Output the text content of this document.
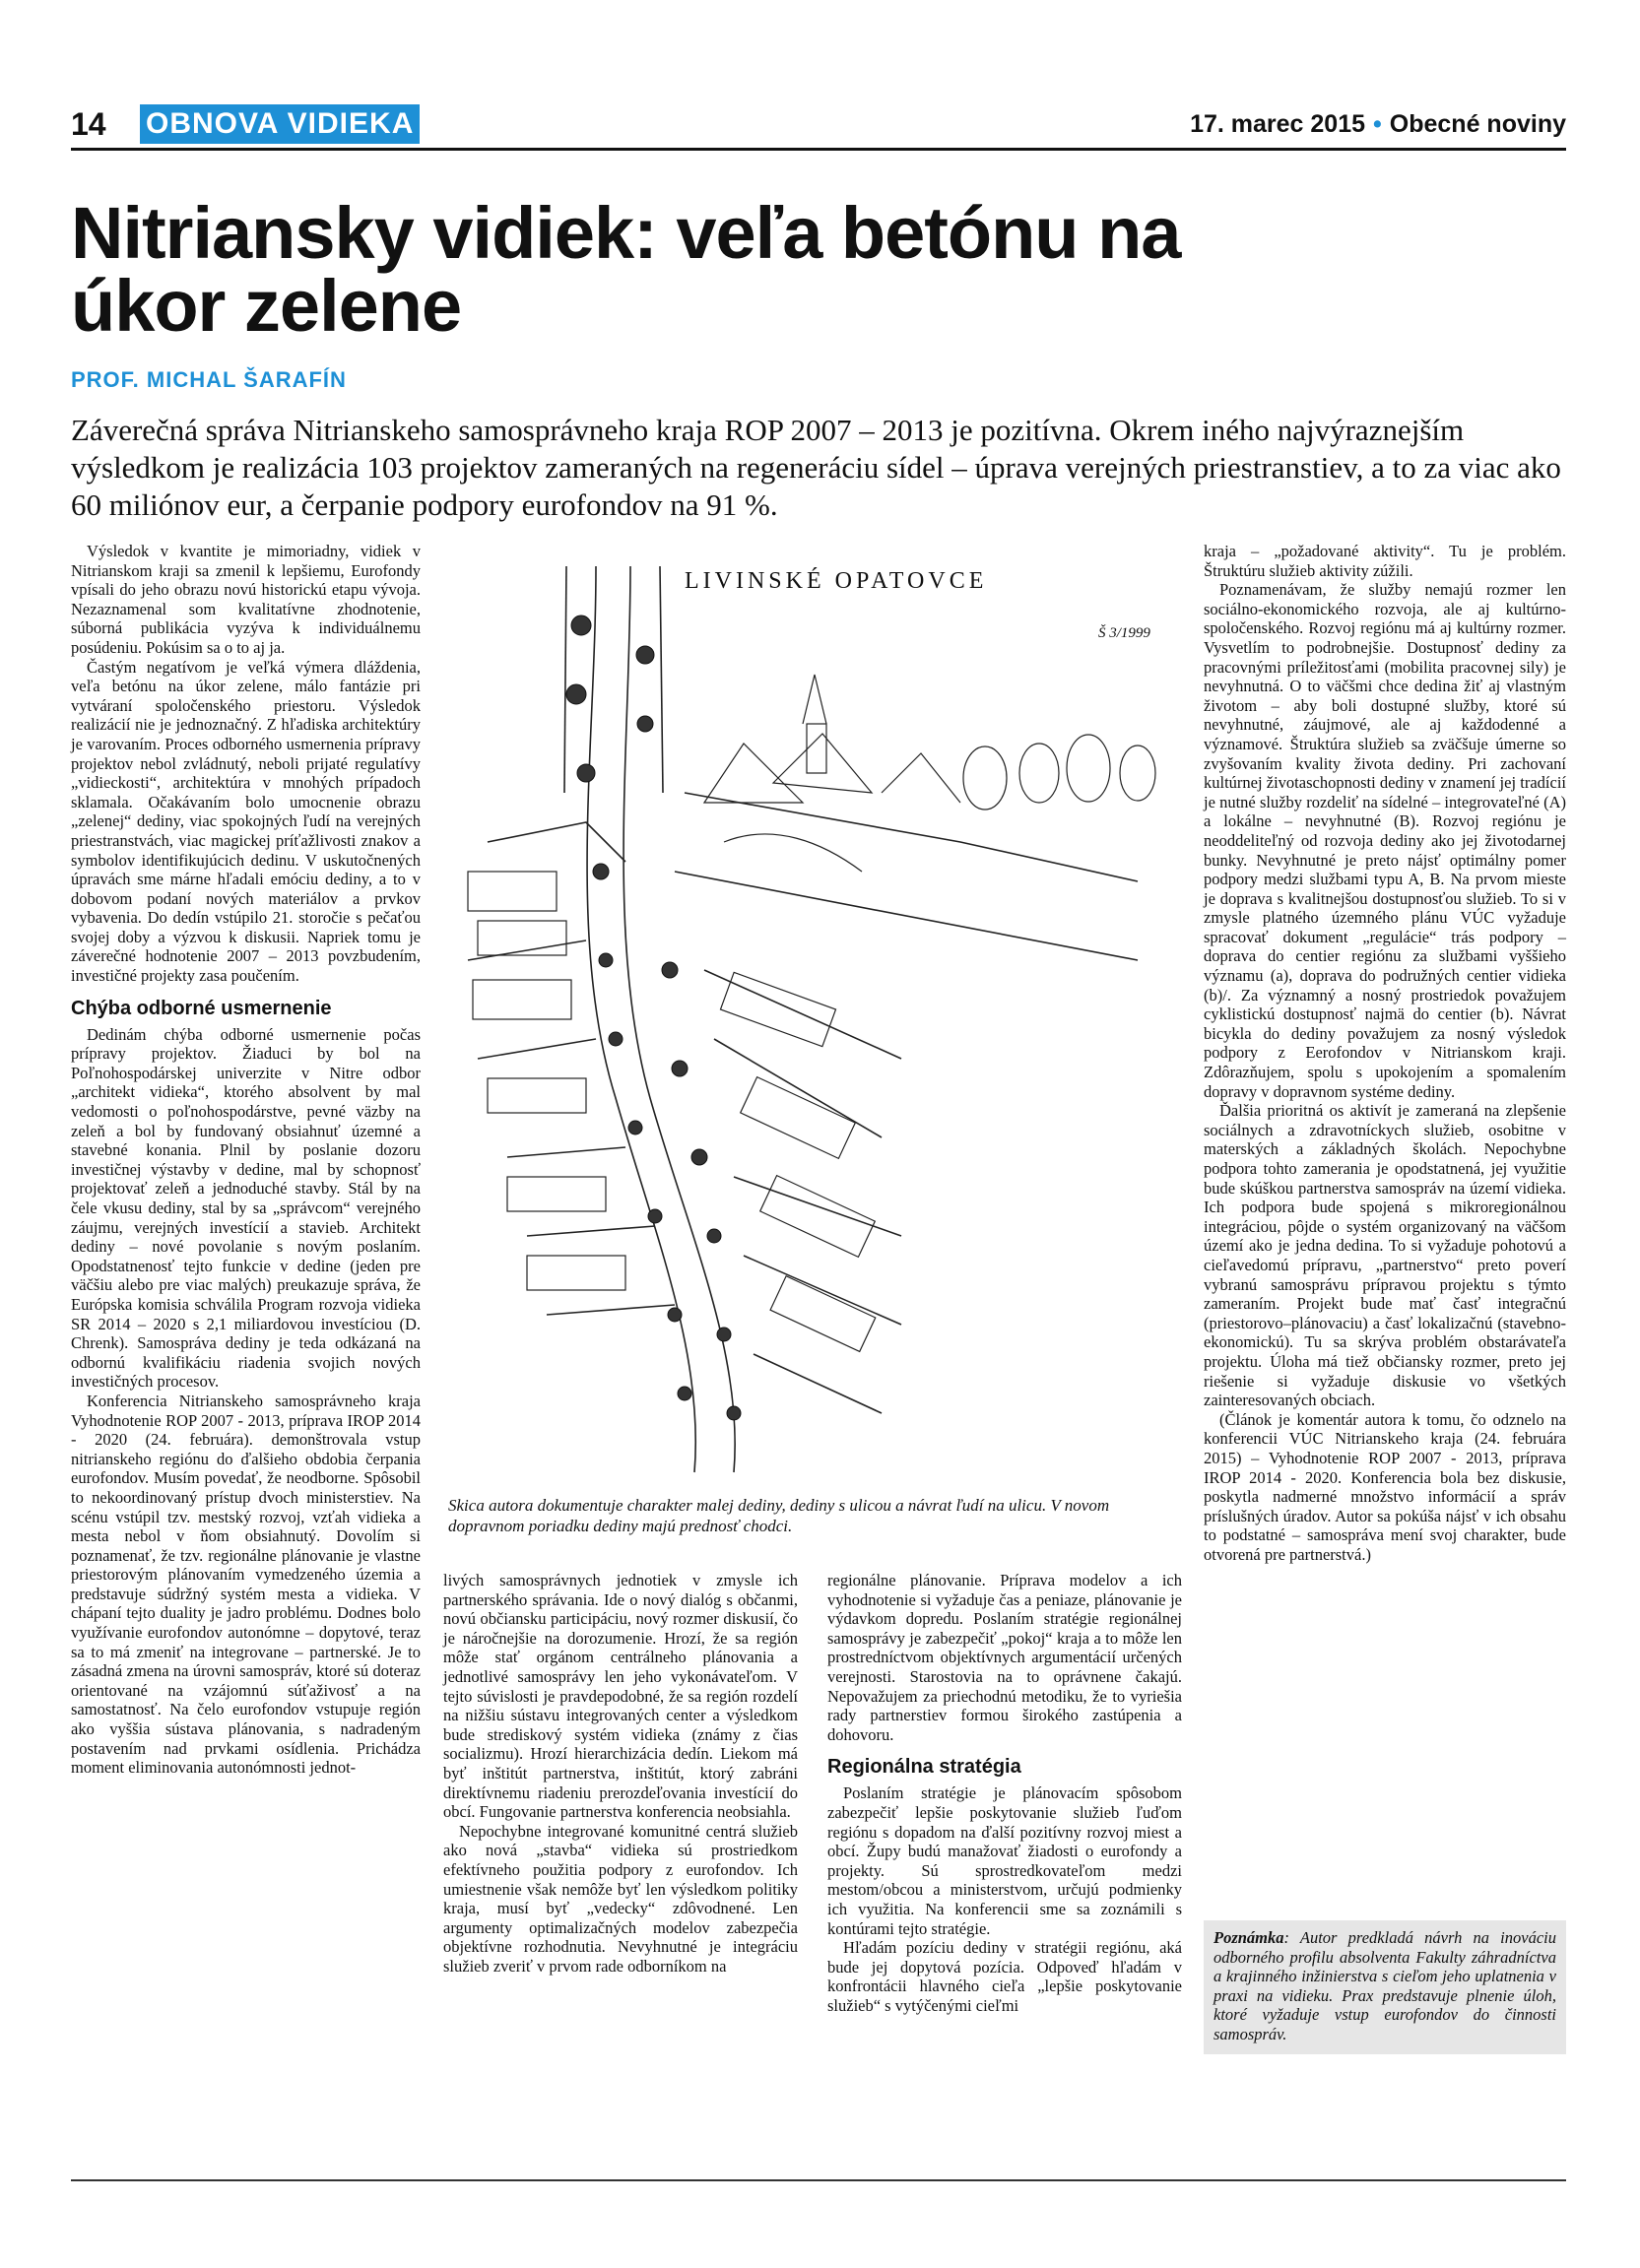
14 OBNOVA VIDIEKA	17. marec 2015 • Obecné noviny
Nitriansky vidiek: veľa betónu na úkor zelene
PROF. MICHAL ŠARAFÍN
Záverečná správa Nitrianskeho samosprávneho kraja ROP 2007 – 2013 je pozitívna. Okrem iného najvýraznejším výsledkom je realizácia 103 projektov zameraných na regeneráciu sídel – úprava verejných priestranstiev, a to za viac ako 60 miliónov eur, a čerpanie podpory eurofondov na 91 %.

Výsledok v kvantite je mimoriadny, vidiek v Nitrianskom kraji sa zmenil k lepšiemu, Eurofondy vpísali do jeho obrazu novú historickú etapu vývoja. Nezaznamenal som kvalitatívne zhodnotenie, súborná publikácia vyzýva k individuálnemu posúdeniu. Pokúsim sa o to aj ja.

Častým negatívom je veľká výmera dláždenia, veľa betónu na úkor zelene, málo fantázie pri vytváraní spoločenského priestoru. Výsledok realizácií nie je jednoznačný. Z hľadiska architektúry je varovaním. Proces odborného usmernenia prípravy projektov nebol zvládnutý, neboli prijaté regulatívy „vidieckosti“, architektúra v mnohých prípadoch sklamala. Očakávaním bolo umocnenie obrazu „zelenej“ dediny, viac spokojných ľudí na verejných priestranstvách, viac magickej príťažlivosti znakov a symbolov identifikujúcich dedinu. V uskutočnených úpravách sme márne hľadali emóciu dediny, a to v dobovom podaní nových materiálov a prvkov vybavenia. Do dedín vstúpilo 21. storočie s pečaťou svojej doby a výzvou k diskusii. Napriek tomu je záverečné hodnotenie 2007 – 2013 povzbudením, investičné projekty zasa poučením.

Chýba odborné usmernenie

Dedinám chýba odborné usmernenie počas prípravy projektov. Žiaduci by bol na Poľnohospodárskej univerzite v Nitre odbor „architekt vidieka“, ktorého absolvent by mal vedomosti o poľnohospodárstve, pevné väzby na zeleň a bol by fundovaný obsiahnuť územné a stavebné konania. Plnil by poslanie dozoru investičnej výstavby v dedine, mal by schopnosť projektovať zeleň a jednoduché stavby. Stál by na čele vkusu dediny, stal by sa „správcom“ verejného záujmu, verejných investícií a stavieb. Architekt dediny – nové povolanie s novým poslaním. Opodstatnenosť tejto funkcie v dedine (jeden pre väčšiu alebo pre viac malých) preukazuje správa, že Európska komisia schválila Program rozvoja vidieka SR 2014 – 2020 s 2,1 miliardovou investíciou (D. Chrenk). Samospráva dediny je teda odkázaná na odbornú kvalifikáciu riadenia svojich nových investičných procesov.

Konferencia Nitrianskeho samosprávneho kraja Vyhodnotenie ROP 2007 - 2013, príprava IROP 2014 - 2020 (24. februára). demonštrovala vstup nitrianskeho regiónu do ďalšieho obdobia čerpania eurofondov. Musím povedať, že neodborne. Spôsobil to nekoordinovaný prístup dvoch ministerstiev. Na scénu vstúpil tzv. mestský rozvoj, vzťah vidieka a mesta nebol v ňom obsiahnutý. Dovolím si poznamenať, že tzv. regionálne plánovanie je vlastne priestorovým plánovaním vymedzeného územia a predstavuje súdržný systém mesta a vidieka. V chápaní tejto duality je jadro problému. Dodnes bolo využívanie eurofondov autonómne – dopytové, teraz sa to má zmeniť na integrovane – partnerské. Je to zásadná zmena na úrovni samospráv, ktoré sú doteraz orientované na vzájomnú súťaživosť a na samostatnosť. Na čelo eurofondov vstupuje región ako vyššia sústava plánovania, s nadradeným postavením nad prvkami osídlenia. Prichádza moment eliminovania autonómnosti jednot-

LIVINSKÉ OPATOVCE
Š 3/1999
Skica autora dokumentuje charakter malej dediny, dediny s ulicou a návrat ľudí na ulicu. V novom dopravnom poriadku dediny majú prednosť chodci.

livých samosprávnych jednotiek v zmysle ich partnerského správania. Ide o nový dialóg s občanmi, novú občiansku participáciu, nový rozmer diskusií, čo je náročnejšie na dorozumenie. Hrozí, že sa región môže stať orgánom centrálneho plánovania a jednotlivé samosprávy len jeho vykonávateľom. V tejto súvislosti je pravdepodobné, že sa región rozdelí na nižšiu sústavu integrovaných center a výsledkom bude strediskový systém vidieka (známy z čias socializmu). Hrozí hierarchizácia dedín. Liekom má byť inštitút partnerstva, inštitút, ktorý zabráni direktívnemu riadeniu prerozdeľovania investícií do obcí. Fungovanie partnerstva konferencia neobsiahla.

Nepochybne integrované komunitné centrá služieb ako nová „stavba“ vidieka sú prostriedkom efektívneho použitia podpory z eurofondov. Ich umiestnenie však nemôže byť len výsledkom politiky kraja, musí byť „vedecky“ zdôvodnené. Len argumenty optimalizačných modelov zabezpečia objektívne rozhodnutia. Nevyhnutné je integráciu služieb zveriť v prvom rade odborníkom na

regionálne plánovanie. Príprava modelov a ich vyhodnotenie si vyžaduje čas a peniaze, plánovanie je výdavkom dopredu. Poslaním stratégie regionálnej samosprávy je zabezpečiť „pokoj“ kraja a to môže len prostredníctvom objektívnych argumentácií určených verejnosti. Starostovia na to oprávnene čakajú. Nepovažujem za priechodnú metodiku, že to vyriešia rady partnerstiev formou širokého zastúpenia a dohovoru.

Regionálna stratégia

Poslaním stratégie je plánovacím spôsobom zabezpečiť lepšie poskytovanie služieb ľuďom regiónu s dopadom na ďalší pozitívny rozvoj miest a obcí. Župy budú manažovať žiadosti o eurofondy a projekty. Sú sprostredkovateľom medzi mestom/obcou a ministerstvom, určujú podmienky ich využitia. Na konferencii sme sa zoznámili s kontúrami tejto stratégie.

Hľadám pozíciu dediny v stratégii regiónu, aká bude jej dopytová pozícia. Odpoveď hľadám v konfrontácii hlavného cieľa „lepšie poskytovanie služieb“ s vytýčenými cieľmi

kraja – „požadované aktivity“. Tu je problém. Štruktúru služieb aktivity zúžili.

Poznamenávam, že služby nemajú rozmer len sociálno-ekonomického rozvoja, ale aj kultúrno-spoločenského. Rozvoj regiónu má aj kultúrny rozmer. Vysvetlím to podrobnejšie. Dostupnosť dediny za pracovnými príležitosťami (mobilita pracovnej sily) je nevyhnutná. O to väčšmi chce dedina žiť aj vlastným životom – aby boli dostupné služby, ktoré sú nevyhnutné, záujmové, ale aj každodenné a významové. Štruktúra služieb sa zväčšuje úmerne so zvyšovaním kvality života dediny. Pri zachovaní kultúrnej životaschopnosti dediny v znamení jej tradícií je nutné služby rozdeliť na sídelné – integrovateľné (A) a lokálne – nevyhnutné (B). Rozvoj regiónu je neoddeliteľný od rozvoja dediny ako jej životodarnej bunky. Nevyhnutné je preto nájsť optimálny pomer podpory medzi službami typu A, B. Na prvom mieste je doprava s kvalitnejšou dostupnosťou služieb. To si v zmysle platného územného plánu VÚC vyžaduje spracovať dokument „regulácie“ trás podpory – doprava do centier regiónu za službami vyššieho významu (a), doprava do podružných centier vidieka (b)/. Za významný a nosný prostriedok považujem cyklistickú dostupnosť najmä do centier (b). Návrat bicykla do dediny považujem za nosný výsledok podpory z Eerofondov v Nitrianskom kraji. Zdôrazňujem, spolu s upokojením a spomalením dopravy v dopravnom systéme dediny.

Ďalšia prioritná os aktivít je zameraná na zlepšenie sociálnych a zdravotníckych služieb, osobitne v materských a základných školách. Nepochybne podpora tohto zamerania je opodstatnená, jej využitie bude skúškou partnerstva samospráv na území vidieka. Ich podpora bude spojená s mikroregionálnou integráciou, pôjde o systém organizovaný na väčšom území ako je jedna dedina. To si vyžaduje pohotovú a cieľavedomú prípravu, „partnerstvo“ preto poverí vybranú samosprávu prípravou projektu s týmto zameraním. Projekt bude mať časť integračnú (priestorovo–plánovaciu) a časť lokalizačnú (stavebno-ekonomickú). Tu sa skrýva problém obstarávateľa projektu. Úloha má tiež občiansky rozmer, preto jej riešenie si vyžaduje diskusie vo všetkých zainteresovaných obciach.

(Článok je komentár autora k tomu, čo odznelo na konferencii VÚC Nitrianskeho kraja (24. februára 2015) – Vyhodnotenie ROP 2007 - 2013, príprava IROP 2014 - 2020. Konferencia bola bez diskusie, poskytla nadmerné množstvo informácií a správ príslušných úradov. Autor sa pokúša nájsť v ich obsahu to podstatné – samospráva mení svoj charakter, bude otvorená pre partnerstvá.)

Poznámka: Autor predkladá návrh na inováciu odborného profilu absolventa Fakulty záhradníctva a krajinného inžinierstva s cieľom jeho uplatnenia v praxi na vidieku. Prax predstavuje plnenie úloh, ktoré vyžaduje vstup eurofondov do činnosti samospráv.
